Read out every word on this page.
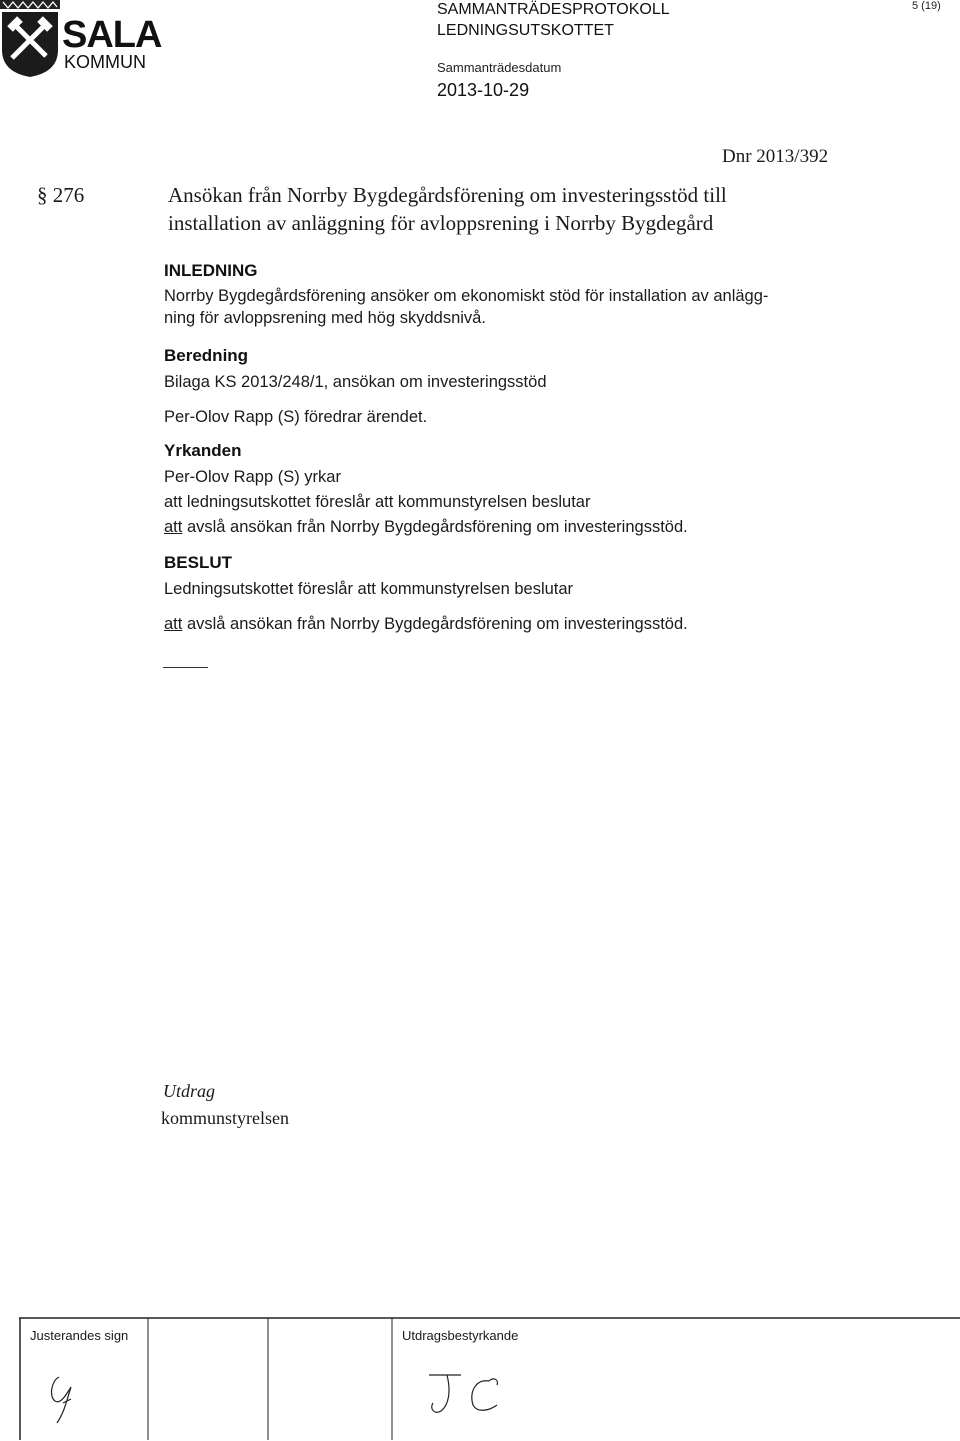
SALA
KOMMUN
SAMMANTRÄDESPROTOKOLL
LEDNINGSUTSKOTTET
Sammanträdesdatum
2013-10-29
5 (19)
Dnr 2013/392
§ 276	Ansökan från Norrby Bygdegårdsförening om investeringsstöd till
installation av anläggning för avloppsrening i Norrby Bygdegård
INLEDNING
Norrby Bygdegårdsförening ansöker om ekonomiskt stöd för installation av anlägg-
ning för avloppsrening med hög skyddsnivå.
Beredning
Bilaga KS 2013/248/1, ansökan om investeringsstöd
Per-Olov Rapp (S) föredrar ärendet.
Yrkanden
Per-Olov Rapp (S) yrkar
att ledningsutskottet föreslår att kommunstyrelsen beslutar
att avslå ansökan från Norrby Bygdegårdsförening om investeringsstöd.
BESLUT
Ledningsutskottet föreslår att kommunstyrelsen beslutar
att avslå ansökan från Norrby Bygdegårdsförening om investeringsstöd.
Utdrag
kommunstyrelsen
Justerandes sign	Utdragsbestyrkande
